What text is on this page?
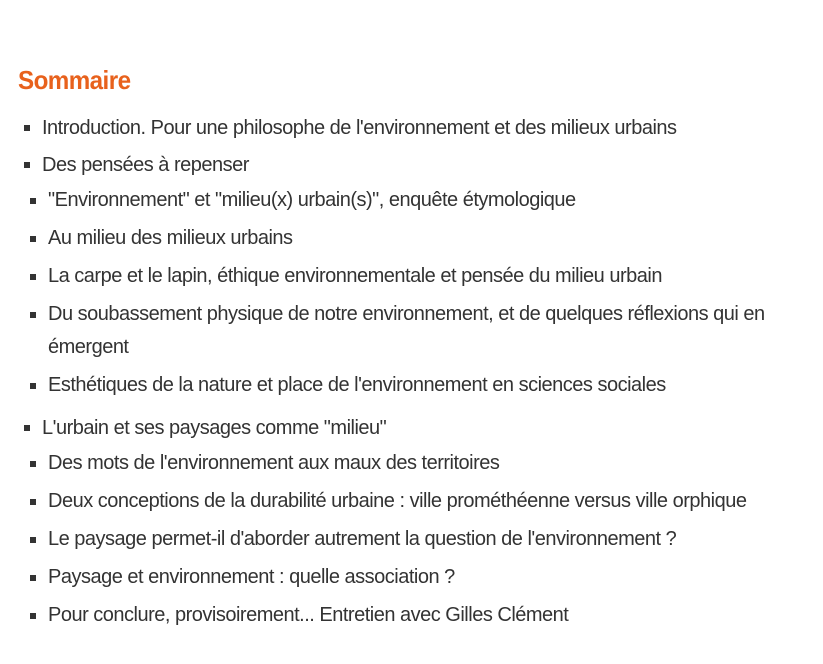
Sommaire
Introduction. Pour une philosophe de l'environnement et des milieux urbains
Des pensées à repenser
"Environnement" et "milieu(x) urbain(s)", enquête étymologique
Au milieu des milieux urbains
La carpe et le lapin, éthique environnementale et pensée du milieu urbain
Du soubassement physique de notre environnement, et de quelques réflexions qui en émergent
Esthétiques de la nature et place de l'environnement en sciences sociales
L'urbain et ses paysages comme "milieu"
Des mots de l'environnement aux maux des territoires
Deux conceptions de la durabilité urbaine : ville prométhéenne versus ville orphique
Le paysage permet-il d'aborder autrement la question de l'environnement ?
Paysage et environnement : quelle association ?
Pour conclure, provisoirement... Entretien avec Gilles Clément
